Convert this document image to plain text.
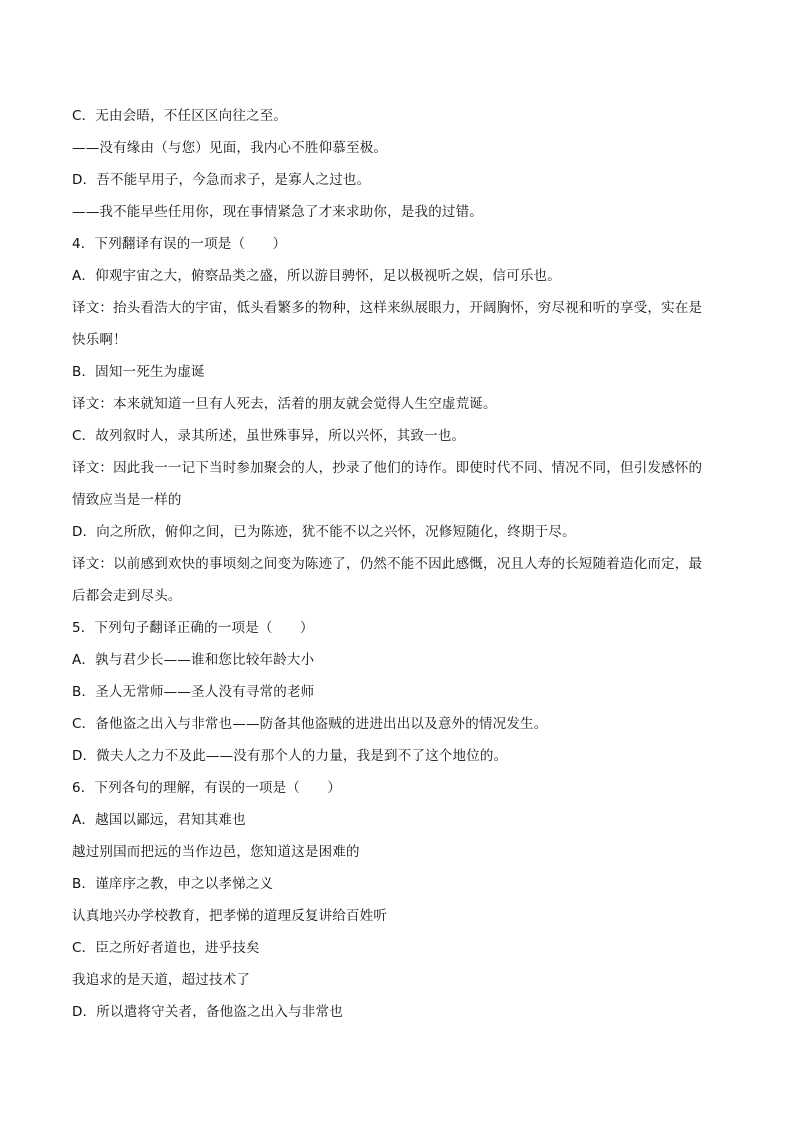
C．无由会晤，不任区区向往之至。
——没有缘由（与您）见面，我内心不胜仰慕至极。
D．吾不能早用子，今急而求子，是寡人之过也。
——我不能早些任用你，现在事情紧急了才来求助你，是我的过错。
4．下列翻译有误的一项是（　　）
A．仰观宇宙之大，俯察品类之盛，所以游目骋怀，足以极视听之娱，信可乐也。
译文：抬头看浩大的宇宙，低头看繁多的物种，这样来纵展眼力，开阔胸怀，穷尽视和听的享受，实在是
快乐啊！
B．固知一死生为虚诞
译文：本来就知道一旦有人死去，活着的朋友就会觉得人生空虚荒诞。
C．故列叙时人，录其所述，虽世殊事异，所以兴怀，其致一也。
译文：因此我一一记下当时参加聚会的人，抄录了他们的诗作。即使时代不同、情况不同，但引发感怀的
情致应当是一样的
D．向之所欣，俯仰之间，已为陈迹，犹不能不以之兴怀，况修短随化，终期于尽。
译文：以前感到欢快的事顷刻之间变为陈迹了，仍然不能不因此感慨，况且人寿的长短随着造化而定，最
后都会走到尽头。
5．下列句子翻译正确的一项是（　　）
A．孰与君少长——谁和您比较年龄大小
B．圣人无常师——圣人没有寻常的老师
C．备他盗之出入与非常也——防备其他盗贼的进进出出以及意外的情况发生。
D．微夫人之力不及此——没有那个人的力量，我是到不了这个地位的。
6．下列各句的理解，有误的一项是（　　）
A．越国以鄙远，君知其难也
越过别国而把远的当作边邑，您知道这是困难的
B．谨庠序之教，申之以孝悌之义
认真地兴办学校教育，把孝悌的道理反复讲给百姓听
C．臣之所好者道也，进乎技矣
我追求的是天道，超过技术了
D．所以遣将守关者，备他盗之出入与非常也
